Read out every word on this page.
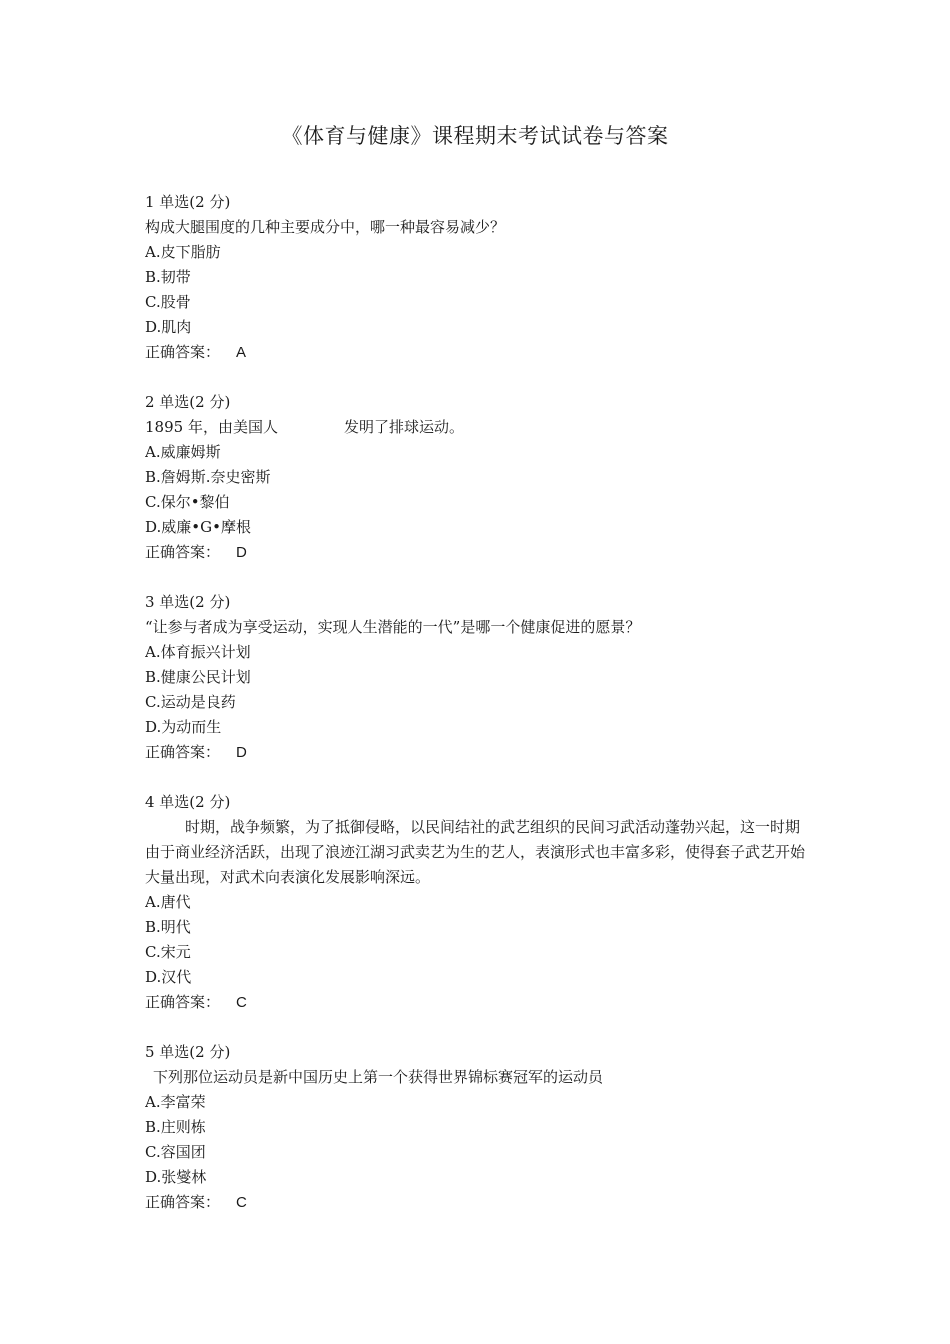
《体育与健康》课程期末考试试卷与答案
1 单选(2 分)
构成大腿围度的几种主要成分中，哪一种最容易减少？
A.皮下脂肪
B.韧带
C.股骨
D.肌肉
正确答案： A
2 单选(2 分)
1895 年，由美国人	发明了排球运动。
A.威廉姆斯
B.詹姆斯.奈史密斯
C.保尔•黎伯
D.威廉•G•摩根
正确答案： D
3 单选(2 分)
“让参与者成为享受运动，实现人生潜能的一代”是哪一个健康促进的愿景？
A.体育振兴计划
B.健康公民计划
C.运动是良药
D.为动而生
正确答案： D
4 单选(2 分)
时期，战争频繁，为了抵御侵略，以民间结社的武艺组织的民间习武活动蓬勃兴起，这一时期由于商业经济活跃，出现了浪迹江湖习武卖艺为生的艺人，表演形式也丰富多彩，使得套子武艺开始大量出现，对武术向表演化发展影响深远。
A.唐代
B.明代
C.宋元
D.汉代
正确答案： C
5 单选(2 分)
下列那位运动员是新中国历史上第一个获得世界锦标赛冠军的运动员
A.李富荣
B.庄则栋
C.容国团
D.张燮林
正确答案： C
